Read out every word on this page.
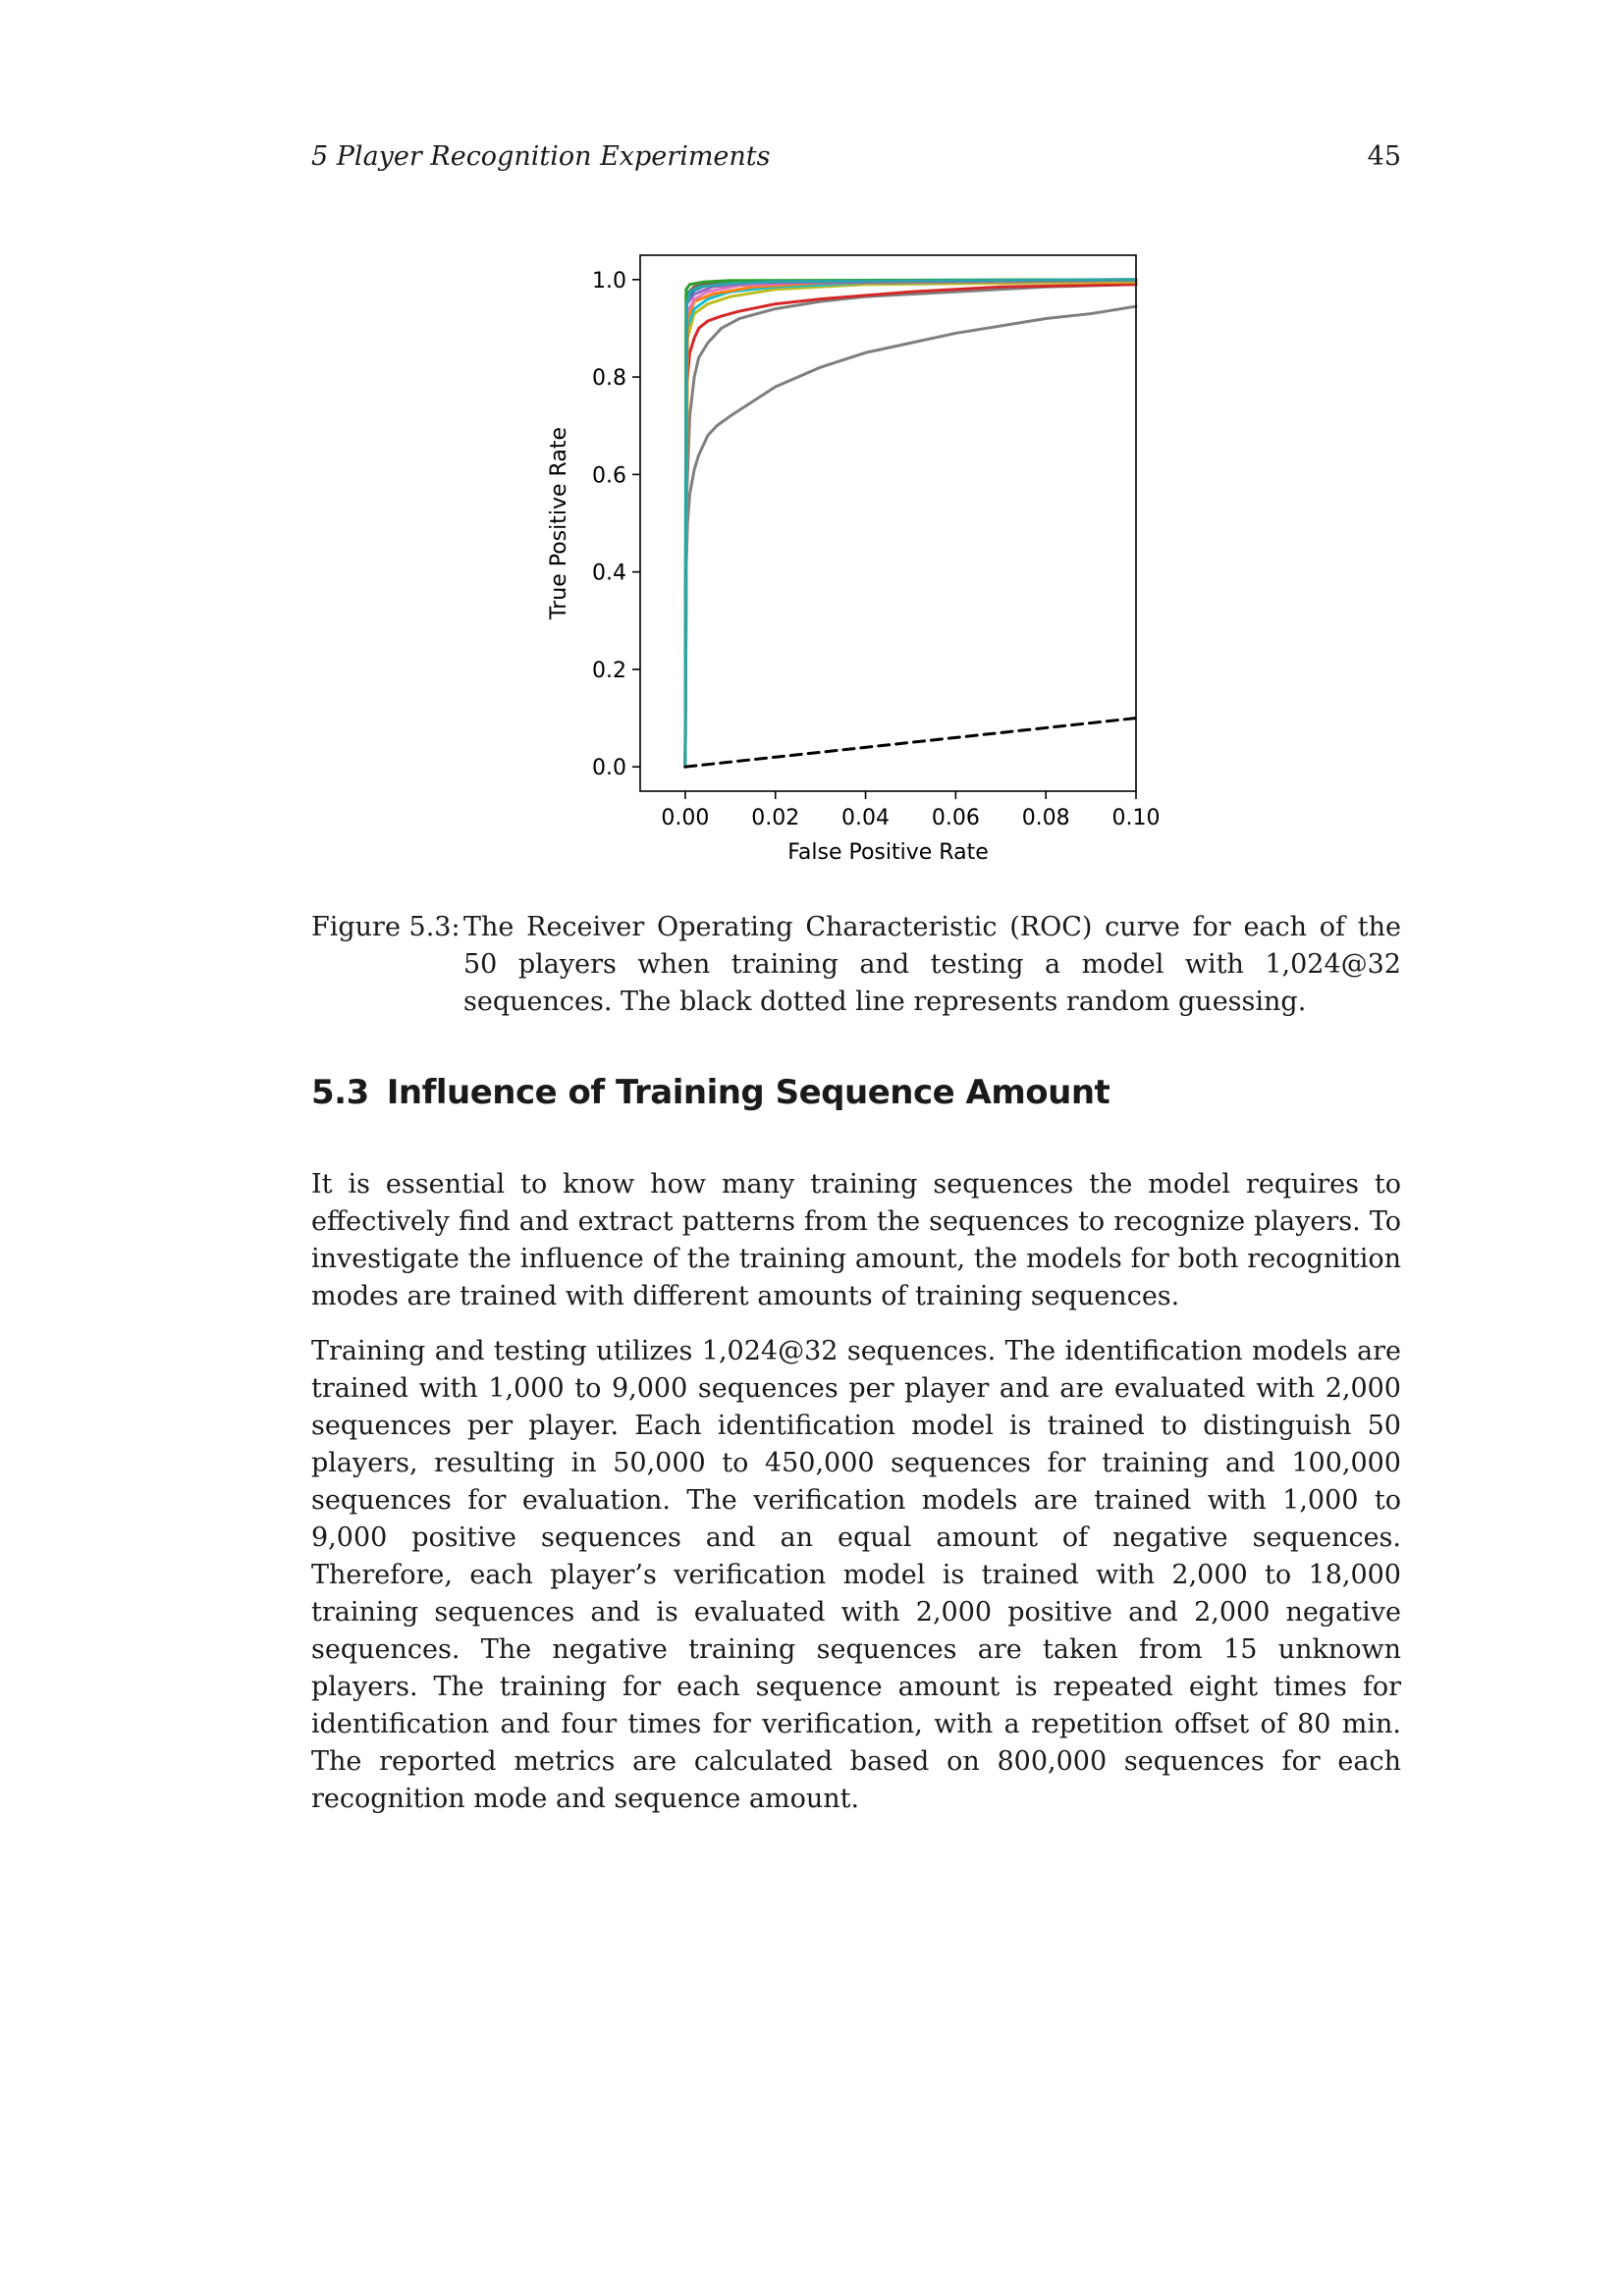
5 Player Recognition Experiments	45
0.00 0.02 0.04 0.06 0.08 0.10
0.0
0.2
0.4
0.6
0.8
1.0
False Positive Rate
True Positive Rate
Figure 5.3: The Receiver Operating Characteristic (ROC) curve for each of the 50 players when training and testing a model with 1,024@32 sequences. The black dotted line represents random guessing.
5.3 Influence of Training Sequence Amount

It is essential to know how many training sequences the model requires to effectively find and extract patterns from the sequences to recognize players. To investigate the influence of the training amount, the models for both recognition modes are trained with different amounts of training sequences.

Training and testing utilizes 1,024@32 sequences. The identification models are trained with 1,000 to 9,000 sequences per player and are evaluated with 2,000 sequences per player. Each identification model is trained to distinguish 50 players, resulting in 50,000 to 450,000 sequences for training and 100,000 sequences for evaluation. The verification models are trained with 1,000 to 9,000 positive sequences and an equal amount of negative sequences. Therefore, each player’s verification model is trained with 2,000 to 18,000 training sequences and is evaluated with 2,000 positive and 2,000 negative sequences. The negative training sequences are taken from 15 unknown players. The training for each sequence amount is repeated eight times for identification and four times for verification, with a repetition offset of 80 min. The reported metrics are calculated based on 800,000 sequences for each recognition mode and sequence amount.
